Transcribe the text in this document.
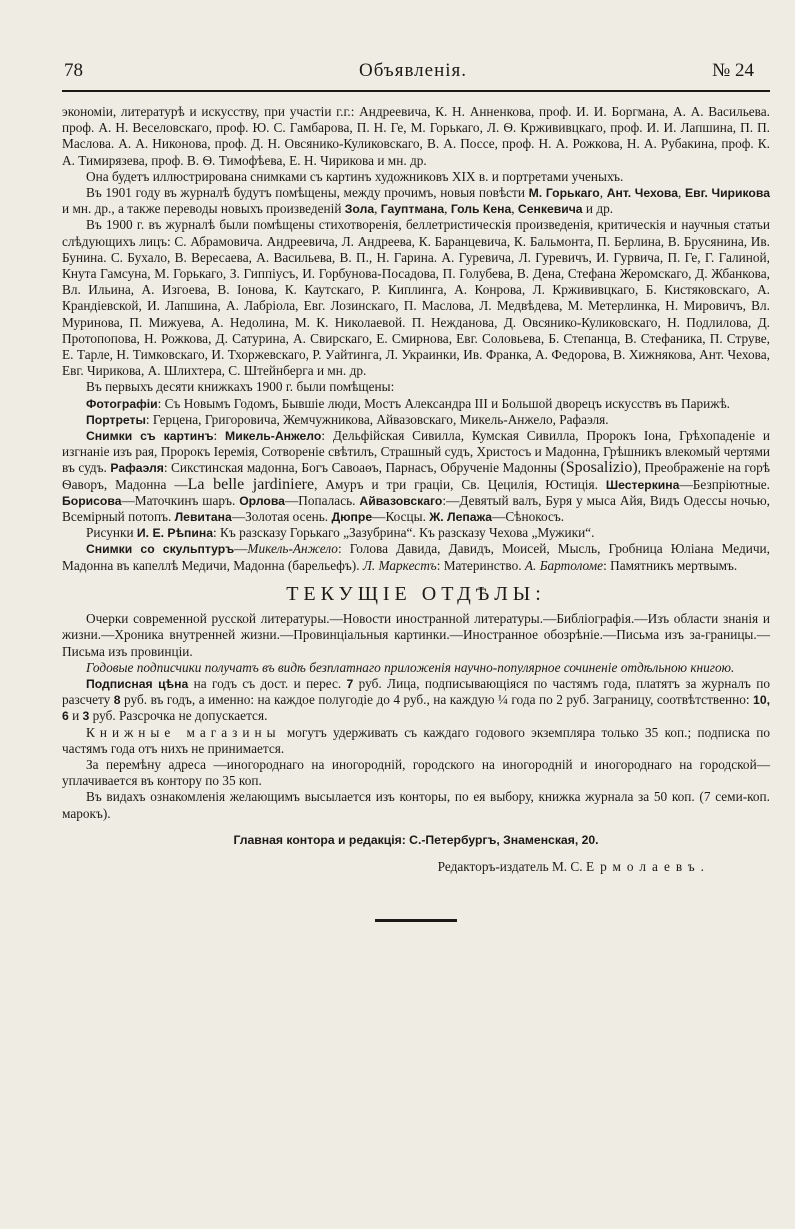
78	Объявленія.	№ 24

экономіи, литературѣ и искусству, при участіи г.г.: Андреевича, К. Н. Анненкова, проф. И. И. Боргмана, А. А. Васильева. проф. А. Н. Веселовскаго, проф. Ю. С. Гамбарова, П. Н. Ге, М. Горькаго, Л. Ѳ. Кржививцкаго, проф. И. И. Лапшина, П. П. Маслова. А. А. Никонова, проф. Д. Н. Овсянико-Куликовскаго, В. А. Поссе, проф. Н. А. Рожкова, Н. А. Рубакина, проф. К. А. Тимирязева, проф. В. Ѳ. Тимофѣева, Е. Н. Чирикова и мн. др.

Она будетъ иллюстрирована снимками съ картинъ художниковъ XIX в. и портретами ученыхъ.

Въ 1901 году въ журналѣ будутъ помѣщены, между прочимъ, новыя повѣсти М. Горькаго, Ант. Чехова, Евг. Чирикова и мн. др., а также переводы новыхъ произведеній Зола, Гауптмана, Голь Кена, Сенкевича и др.

Въ 1900 г. въ журналѣ были помѣщены стихотворенія, беллетристическія произведенія, критическія и научныя статьи слѣдующихъ лицъ: С. Абрамовича. Андреевича, Л. Андреева, К. Баранцевича, К. Бальмонта, П. Берлина, В. Брусянина, Ив. Бунина. С. Бухало, В. Вересаева, А. Васильева, В. П., Н. Гарина. А. Гуревича, Л. Гуревичъ, И. Гурвича, П. Ге, Г. Галиной, Кнута Гамсуна, М. Горькаго, З. Гиппіусъ, И. Горбунова-Посадова, П. Голубева, В. Дена, Стефана Жеромскаго, Д. Жбанкова, Вл. Ильина, А. Изгоева, В. Іонова, К. Каутскаго, Р. Киплинга, А. Конрова, Л. Кржививцкаго, Б. Кистяковскаго, А. Крандіевской, И. Лапшина, А. Лабріола, Евг. Лозинскаго, П. Маслова, Л. Медвѣдева, М. Метерлинка, Н. Мировичъ, Вл. Муринова, П. Мижуева, А. Недолина, М. К. Николаевой. П. Нежданова, Д. Овсянико-Куликовскаго, Н. Подлилова, Д. Протопопова, Н. Рожкова, Д. Сатурина, А. Свирскаго, Е. Смирнова, Евг. Соловьева, Б. Степанца, В. Стефаника, П. Струве, Е. Тарле, Н. Тимковскаго, И. Тхоржевскаго, Р. Уайтинга, Л. Украинки, Ив. Франка, А. Федорова, В. Хижнякова, Ант. Чехова, Евг. Чирикова, А. Шлихтера, С. Штейнберга и мн. др.

Въ первыхъ десяти книжкахъ 1900 г. были помѣщены:

Фотографіи: Съ Новымъ Годомъ, Бывшіе люди, Мостъ Александра III и Большой дворецъ искусствъ въ Парижѣ.

Портреты: Герцена, Григоровича, Жемчужникова, Айвазовскаго, Микель-Анжело, Рафаэля.

Снимки съ картинъ: Микель-Анжело: Дельфійская Сивилла, Кумская Сивилла, Пророкъ Іона, Грѣхопаденіе и изгнаніе изъ рая, Пророкъ Іеремія, Сотвореніе свѣтилъ, Страшный судъ, Христосъ и Мадонна, Грѣшникъ влекомый чертями въ судъ. Рафаэля: Сикстинская мадонна, Богъ Савоаѳъ, Парнасъ, Обрученіе Мадонны (Sposalizio), Преображеніе на горѣ Ѳаворъ, Мадонна —La belle jardiniere, Амуръ и три граціи, Св. Цецилія, Юстиція. Шестеркина—Безпріютные. Борисова—Маточкинъ шаръ. Орлова—Попалась. Айвазовскаго:—Девятый валъ, Буря у мыса Айя, Видъ Одессы ночью, Всемірный потопъ. Левитана—Золотая осень. Дюпре—Косцы. Ж. Лепажа—Сѣнокосъ.

Рисунки И. Е. Рѣпина: Къ разсказу Горькаго „Зазубрина“. Къ разсказу Чехова „Мужики“.

Снимки со скульптуръ—Микель-Анжело: Голова Давида, Давидъ, Моисей, Мысль, Гробница Юліана Медичи, Мадонна въ капеллѣ Медичи, Мадонна (барельефъ). Л. Маркестъ: Материнство. А. Бартоломе: Памятникъ мертвымъ.

ТЕКУЩІЕ ОТДѢЛЫ:

Очерки современной русской литературы.—Новости иностранной литературы.—Библіографія.—Изъ области знанія и жизни.—Хроника внутренней жизни.—Провинціальныя картинки.—Иностранное обозрѣніе.—Письма изъ за-границы.—Письма изъ провинціи.

Годовые подписчики получатъ въ видѣ безплатнаго приложенія научно-популярное сочиненіе отдѣльною книгою.

Подписная цѣна на годъ съ дост. и перес. 7 руб. Лица, подписывающіяся по частямъ года, платятъ за журналъ по разсчету 8 руб. въ годъ, а именно: на каждое полугодіе до 4 руб., на каждую ¼ года по 2 руб. Заграницу, соотвѣтственно: 10, 6 и 3 руб. Разсрочка не допускается.

Книжные магазины могутъ удерживать съ каждаго годового экземпляра только 35 коп.; подписка по частямъ года отъ нихъ не принимается.

За перемѣну адреса —иногороднаго на иногородній, городского на иногородній и иногороднаго на городской—уплачивается въ контору по 35 коп.

Въ видахъ ознакомленія желающимъ высылается изъ конторы, по ея выбору, книжка журнала за 50 коп. (7 семи-коп. марокъ).

Главная контора и редакція: С.-Петербургъ, Знаменская, 20.

Редакторъ-издатель М. С. Ермолаевъ.
